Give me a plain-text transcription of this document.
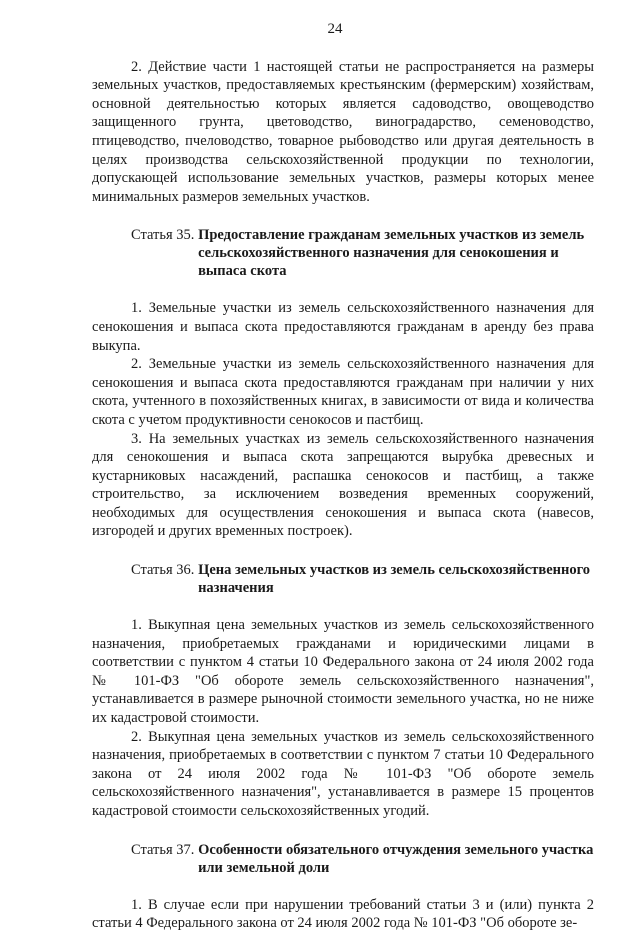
24

2. Действие части 1 настоящей статьи не распространяется на размеры земельных участков, предоставляемых крестьянским (фермерским) хозяйствам, основной деятельностью которых является садоводство, овощеводство защищенного грунта, цветоводство, виноградарство, семеноводство, птицеводство, пчеловодство, товарное рыбоводство или другая деятельность в целях производства сельскохозяйственной продукции по технологии, допускающей использование земельных участков, размеры которых менее минимальных размеров земельных участков.

Статья 35.
Предоставление гражданам земельных участков из земель сельскохозяйственного назначения для сенокошения и выпаса скота

1. Земельные участки из земель сельскохозяйственного назначения для сенокошения и выпаса скота предоставляются гражданам в аренду без права выкупа.

2. Земельные участки из земель сельскохозяйственного назначения для сенокошения и выпаса скота предоставляются гражданам при наличии у них скота, учтенного в похозяйственных книгах, в зависимости от вида и количества скота с учетом продуктивности сенокосов и пастбищ.

3. На земельных участках из земель сельскохозяйственного назначения для сенокошения и выпаса скота запрещаются вырубка древесных и кустарниковых насаждений, распашка сенокосов и пастбищ, а также строительство, за исключением возведения временных сооружений, необходимых для осуществления сенокошения и выпаса скота (навесов, изгородей и других временных построек).

Статья 36.
Цена земельных участков из земель сельскохозяйственного назначения

1. Выкупная цена земельных участков из земель сельскохозяйственного назначения, приобретаемых гражданами и юридическими лицами в соответствии с пунктом 4 статьи 10 Федерального закона от 24 июля 2002 года № 101-ФЗ "Об обороте земель сельскохозяйственного назначения", устанавливается в размере рыночной стоимости земельного участка, но не ниже их кадастровой стоимости.

2. Выкупная цена земельных участков из земель сельскохозяйственного назначения, приобретаемых в соответствии с пунктом 7 статьи 10 Федерального закона от 24 июля 2002 года № 101-ФЗ "Об обороте земель сельскохозяйственного назначения", устанавливается в размере 15 процентов кадастровой стоимости сельскохозяйственных угодий.

Статья 37.
Особенности обязательного отчуждения земельного участка или земельной доли

1. В случае если при нарушении требований статьи 3 и (или) пункта 2 статьи 4 Федерального закона от 24 июля 2002 года № 101-ФЗ "Об обороте зе-
